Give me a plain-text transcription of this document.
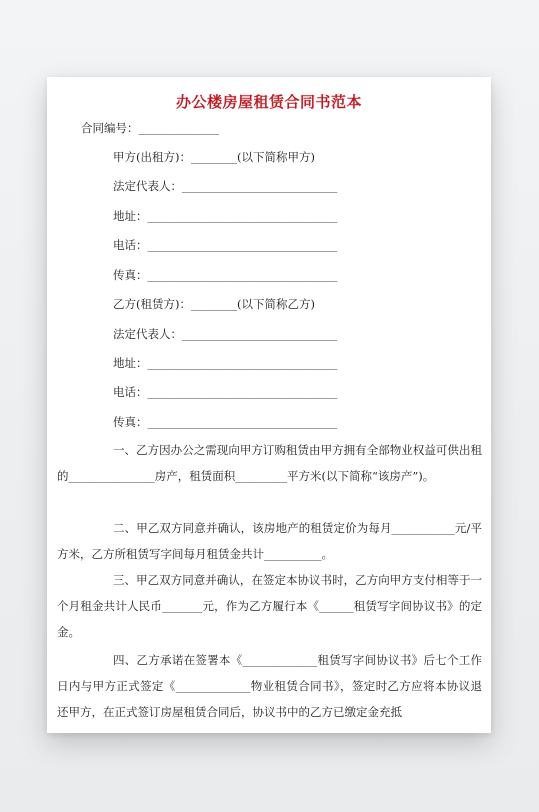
办公楼房屋租赁合同书范本
合同编号：______________
甲方(出租方)：________(以下简称甲方)
法定代表人：___________________________
地址：_________________________________
电话：_________________________________
传真：_________________________________
乙方(租赁方)：________(以下简称乙方)
法定代表人：___________________________
地址：_________________________________
电话：_________________________________
传真：_________________________________
一、乙方因办公之需现向甲方订购租赁由甲方拥有全部物业权益可供出租的_______________房产，租赁面积_________平方米(以下简称“该房产”)。
二、甲乙双方同意并确认，该房地产的租赁定价为每月___________元/平方米，乙方所租赁写字间每月租赁金共计__________。
三、甲乙双方同意并确认，在签定本协议书时，乙方向甲方支付相等于一个月租金共计人民币_______元，作为乙方履行本《______租赁写字间协议书》的定金。
四、乙方承诺在签署本《_____________租赁写字间协议书》后七个工作日内与甲方正式签定《_____________物业租赁合同书》，签定时乙方应将本协议退还甲方，在正式签订房屋租赁合同后，协议书中的乙方已缴定金充抵
